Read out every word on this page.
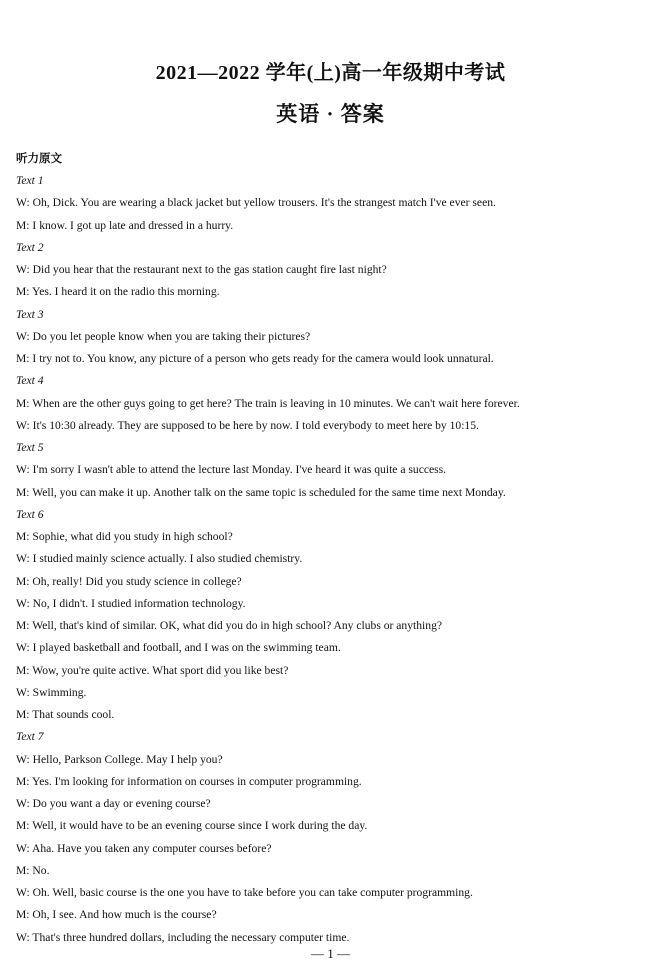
2021—2022 学年(上)高一年级期中考试
英语 · 答案
听力原文
Text 1
W: Oh, Dick. You are wearing a black jacket but yellow trousers. It's the strangest match I've ever seen.
M: I know. I got up late and dressed in a hurry.
Text 2
W: Did you hear that the restaurant next to the gas station caught fire last night?
M: Yes. I heard it on the radio this morning.
Text 3
W: Do you let people know when you are taking their pictures?
M: I try not to. You know, any picture of a person who gets ready for the camera would look unnatural.
Text 4
M: When are the other guys going to get here? The train is leaving in 10 minutes. We can't wait here forever.
W: It's 10:30 already. They are supposed to be here by now. I told everybody to meet here by 10:15.
Text 5
W: I'm sorry I wasn't able to attend the lecture last Monday. I've heard it was quite a success.
M: Well, you can make it up. Another talk on the same topic is scheduled for the same time next Monday.
Text 6
M: Sophie, what did you study in high school?
W: I studied mainly science actually. I also studied chemistry.
M: Oh, really! Did you study science in college?
W: No, I didn't. I studied information technology.
M: Well, that's kind of similar. OK, what did you do in high school? Any clubs or anything?
W: I played basketball and football, and I was on the swimming team.
M: Wow, you're quite active. What sport did you like best?
W: Swimming.
M: That sounds cool.
Text 7
W: Hello, Parkson College. May I help you?
M: Yes. I'm looking for information on courses in computer programming.
W: Do you want a day or evening course?
M: Well, it would have to be an evening course since I work during the day.
W: Aha. Have you taken any computer courses before?
M: No.
W: Oh. Well, basic course is the one you have to take before you can take computer programming.
M: Oh, I see. And how much is the course?
W: That's three hundred dollars, including the necessary computer time.
— 1 —
